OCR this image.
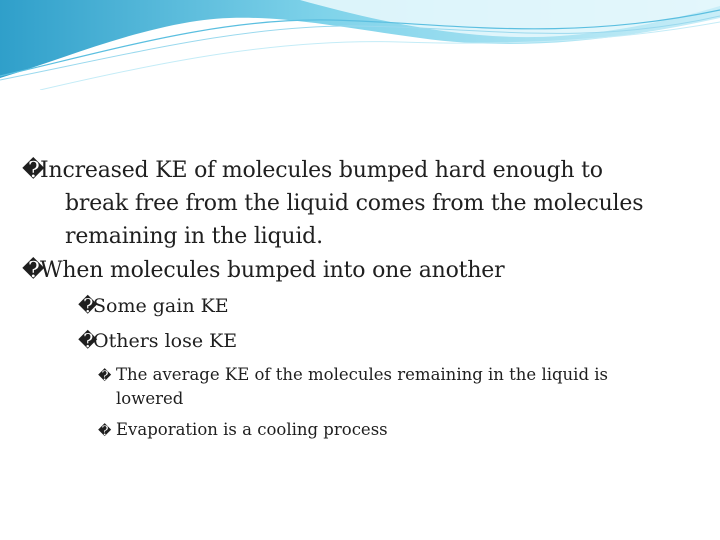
�Increased KE of molecules bumped hard enough to

break free from the liquid comes from the molecules

remaining in the liquid.

�When molecules bumped into one another

�Some gain KE

�Others lose KE

� The average KE of the molecules remaining in the liquid is

lowered

� Evaporation is a cooling process
